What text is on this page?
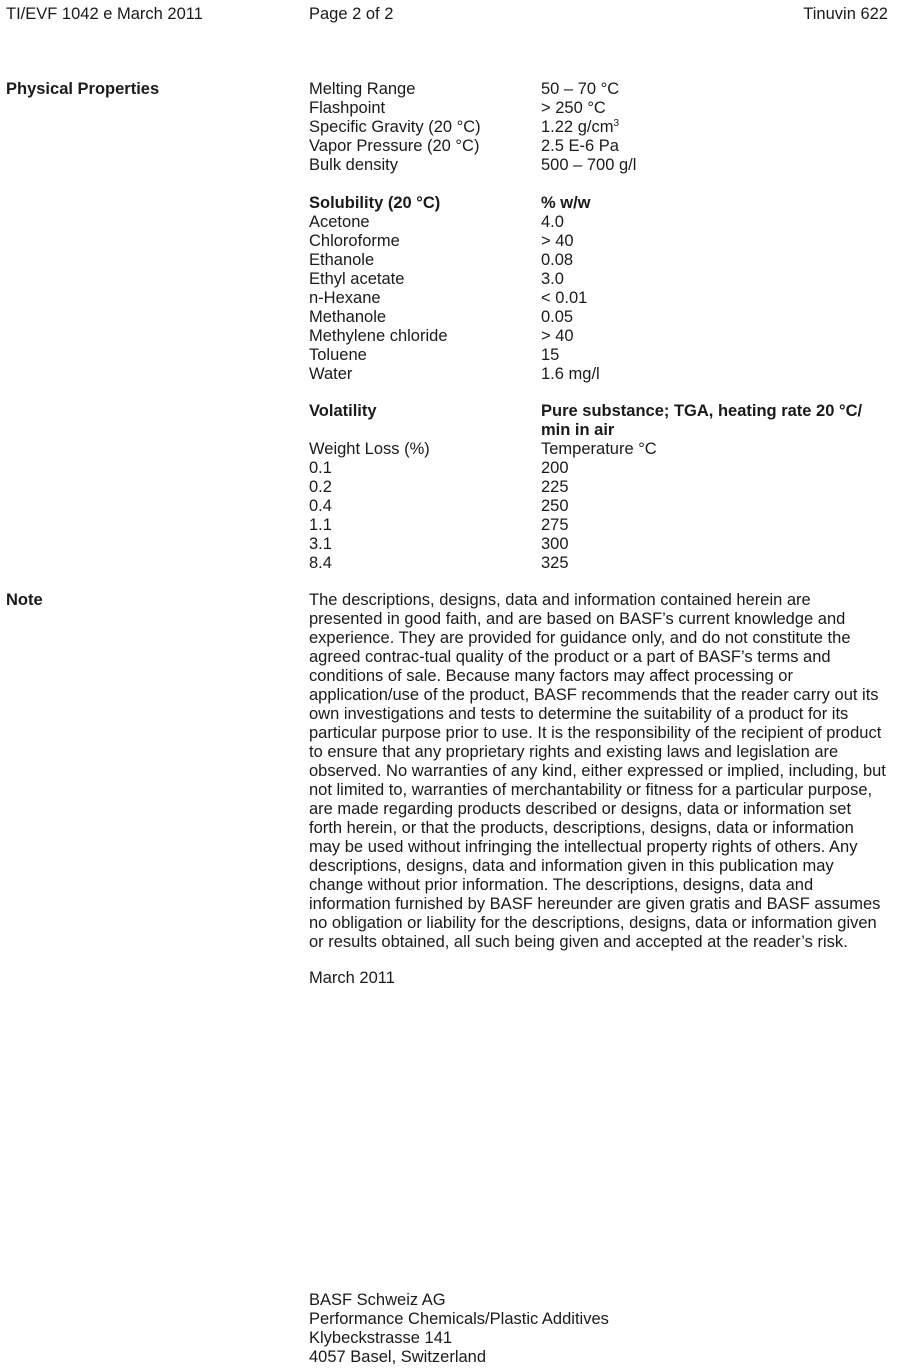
TI/EVF 1042 e March 2011	Page 2 of 2	Tinuvin 622
Physical Properties	Melting Range	50 – 70 °C
Flashpoint	> 250 °C
Specific Gravity (20 °C)	1.22 $g/cm^3$
Vapor Pressure (20 °C)	2.5 E-6 Pa
Bulk density	500 – 700 g/l
Solubility (20 °C)	% w/w
Acetone	4.0
Chloroforme	> 40
Ethanole	0.08
Ethyl acetate	3.0
n-Hexane	< 0.01
Methanole	0.05
Methylene chloride	> 40
Toluene	15
Water	1.6 mg/l
Volatility	Pure substance; TGA, heating rate 20 °C/ min in air
Weight Loss (%)	Temperature °C
0.1	200
0.2	225
0.4	250
1.1	275
3.1	300
8.4	325
Note	The descriptions, designs, data and information contained herein are presented in good faith, and are based on BASF’s current knowledge and experience. They are provided for guidance only, and do not constitute the agreed contrac-tual quality of the product or a part of BASF’s terms and conditions of sale. Because many factors may affect processing or application/use of the product, BASF recommends that the reader carry out its own investigations and tests to determine the suitability of a product for its particular purpose prior to use. It is the responsibility of the recipient of product to ensure that any proprietary rights and existing laws and legislation are observed. No warranties of any kind, either expressed or implied, including, but not limited to, warranties of merchantability or fitness for a particular purpose, are made regarding products described or designs, data or information set forth herein, or that the products, descriptions, designs, data or information may be used without infringing the intellectual property rights of others. Any descriptions, designs, data and information given in this publication may change without prior information. The descriptions, designs, data and information furnished by BASF hereunder are given gratis and BASF assumes no obligation or liability for the descriptions, designs, data or information given or results obtained, all such being given and accepted at the reader’s risk.
March 2011
BASF Schweiz AG
Performance Chemicals/Plastic Additives
Klybeckstrasse 141
4057 Basel, Switzerland
